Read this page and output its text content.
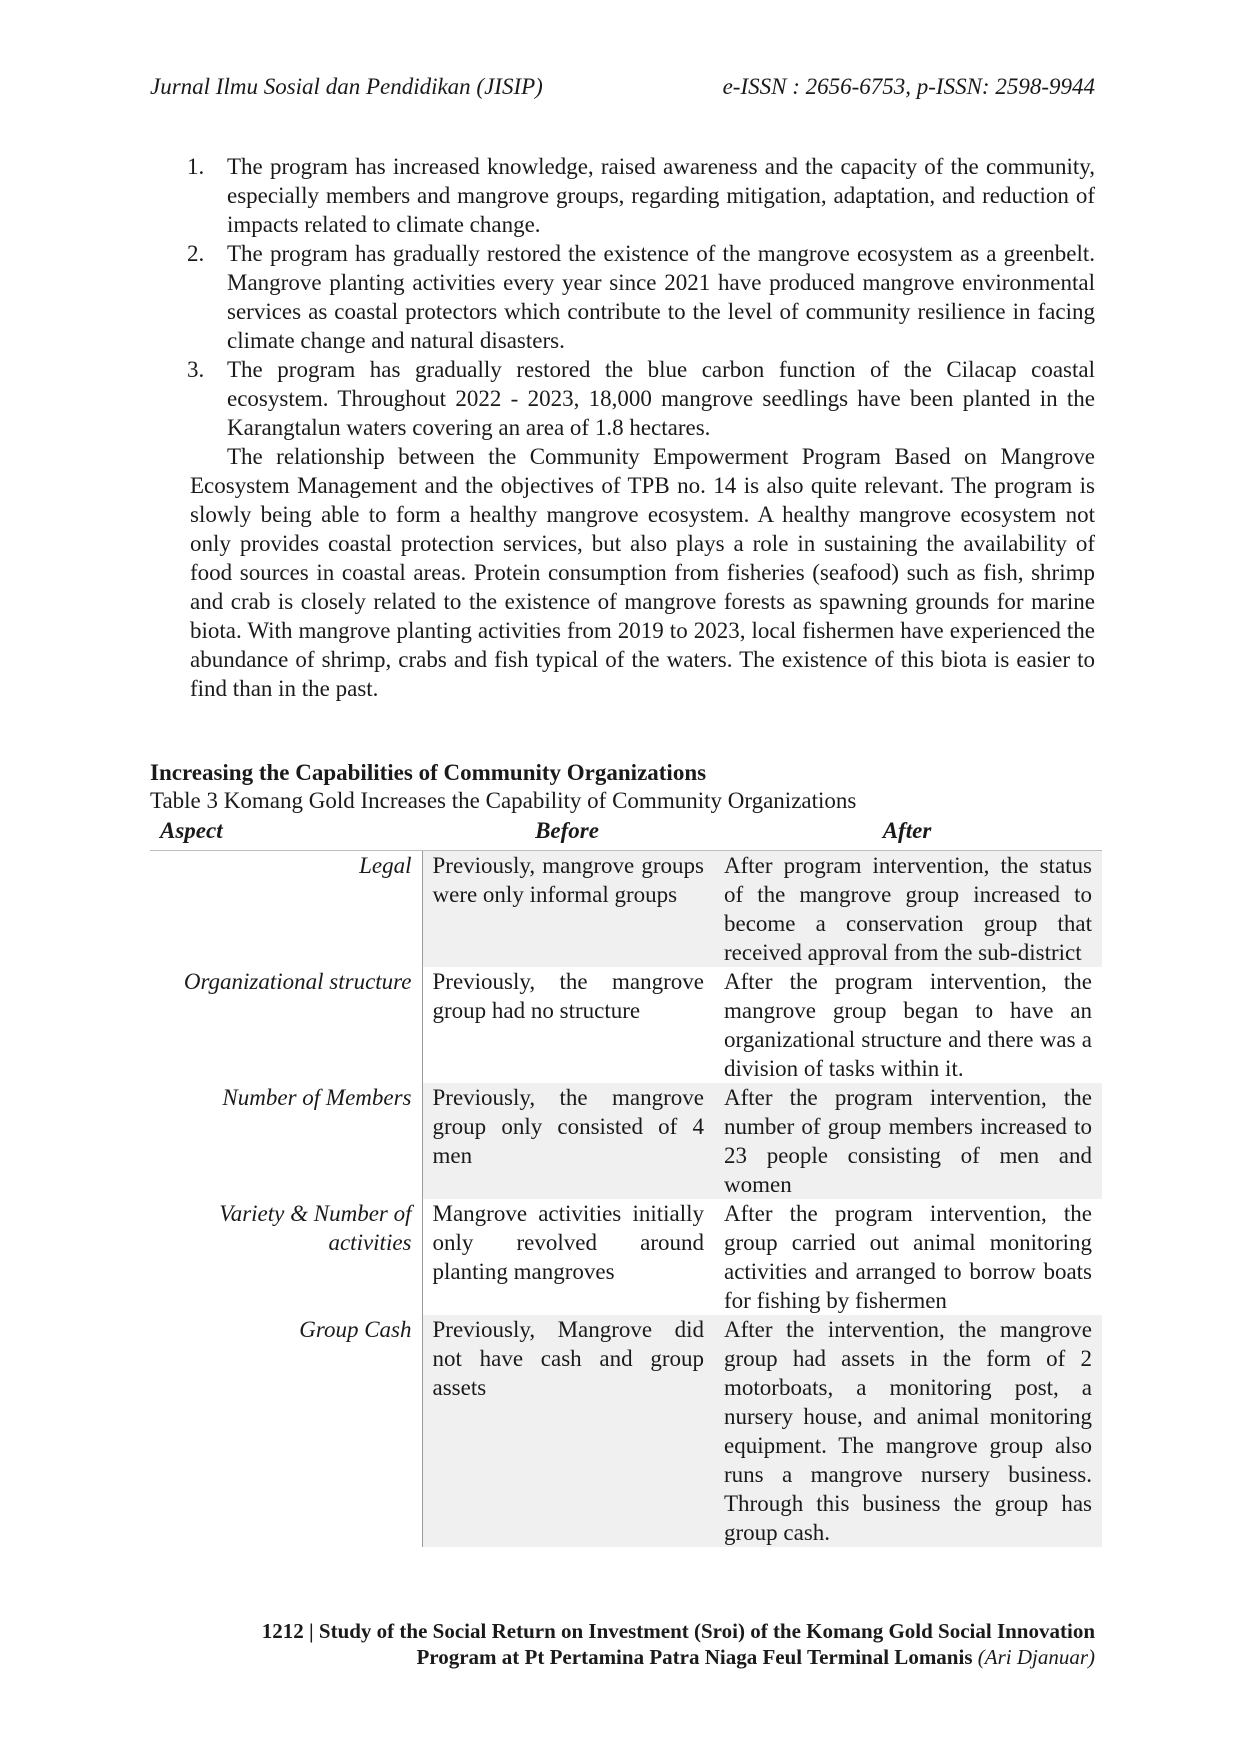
Jurnal Ilmu Sosial dan Pendidikan (JISIP)	e-ISSN : 2656-6753, p-ISSN: 2598-9944
1. The program has increased knowledge, raised awareness and the capacity of the community, especially members and mangrove groups, regarding mitigation, adaptation, and reduction of impacts related to climate change.
2. The program has gradually restored the existence of the mangrove ecosystem as a greenbelt. Mangrove planting activities every year since 2021 have produced mangrove environmental services as coastal protectors which contribute to the level of community resilience in facing climate change and natural disasters.
3. The program has gradually restored the blue carbon function of the Cilacap coastal ecosystem. Throughout 2022 - 2023, 18,000 mangrove seedlings have been planted in the Karangtalun waters covering an area of 1.8 hectares.

The relationship between the Community Empowerment Program Based on Mangrove Ecosystem Management and the objectives of TPB no. 14 is also quite relevant. The program is slowly being able to form a healthy mangrove ecosystem. A healthy mangrove ecosystem not only provides coastal protection services, but also plays a role in sustaining the availability of food sources in coastal areas. Protein consumption from fisheries (seafood) such as fish, shrimp and crab is closely related to the existence of mangrove forests as spawning grounds for marine biota. With mangrove planting activities from 2019 to 2023, local fishermen have experienced the abundance of shrimp, crabs and fish typical of the waters. The existence of this biota is easier to find than in the past.

Increasing the Capabilities of Community Organizations
Table 3 Komang Gold Increases the Capability of Community Organizations
Aspect	Before	After
Legal	Previously, mangrove groups were only informal groups	After program intervention, the status of the mangrove group increased to become a conservation group that received approval from the sub-district
Organizational structure	Previously, the mangrove group had no structure	After the program intervention, the mangrove group began to have an organizational structure and there was a division of tasks within it.
Number of Members	Previously, the mangrove group only consisted of 4 men	After the program intervention, the number of group members increased to 23 people consisting of men and women
Variety & Number of activities	Mangrove activities initially only revolved around planting mangroves	After the program intervention, the group carried out animal monitoring activities and arranged to borrow boats for fishing by fishermen
Group Cash	Previously, Mangrove did not have cash and group assets	After the intervention, the mangrove group had assets in the form of 2 motorboats, a monitoring post, a nursery house, and animal monitoring equipment. The mangrove group also runs a mangrove nursery business. Through this business the group has group cash.
1212 | Study of the Social Return on Investment (Sroi) of the Komang Gold Social Innovation
Program at Pt Pertamina Patra Niaga Feul Terminal Lomanis (Ari Djanuar)
